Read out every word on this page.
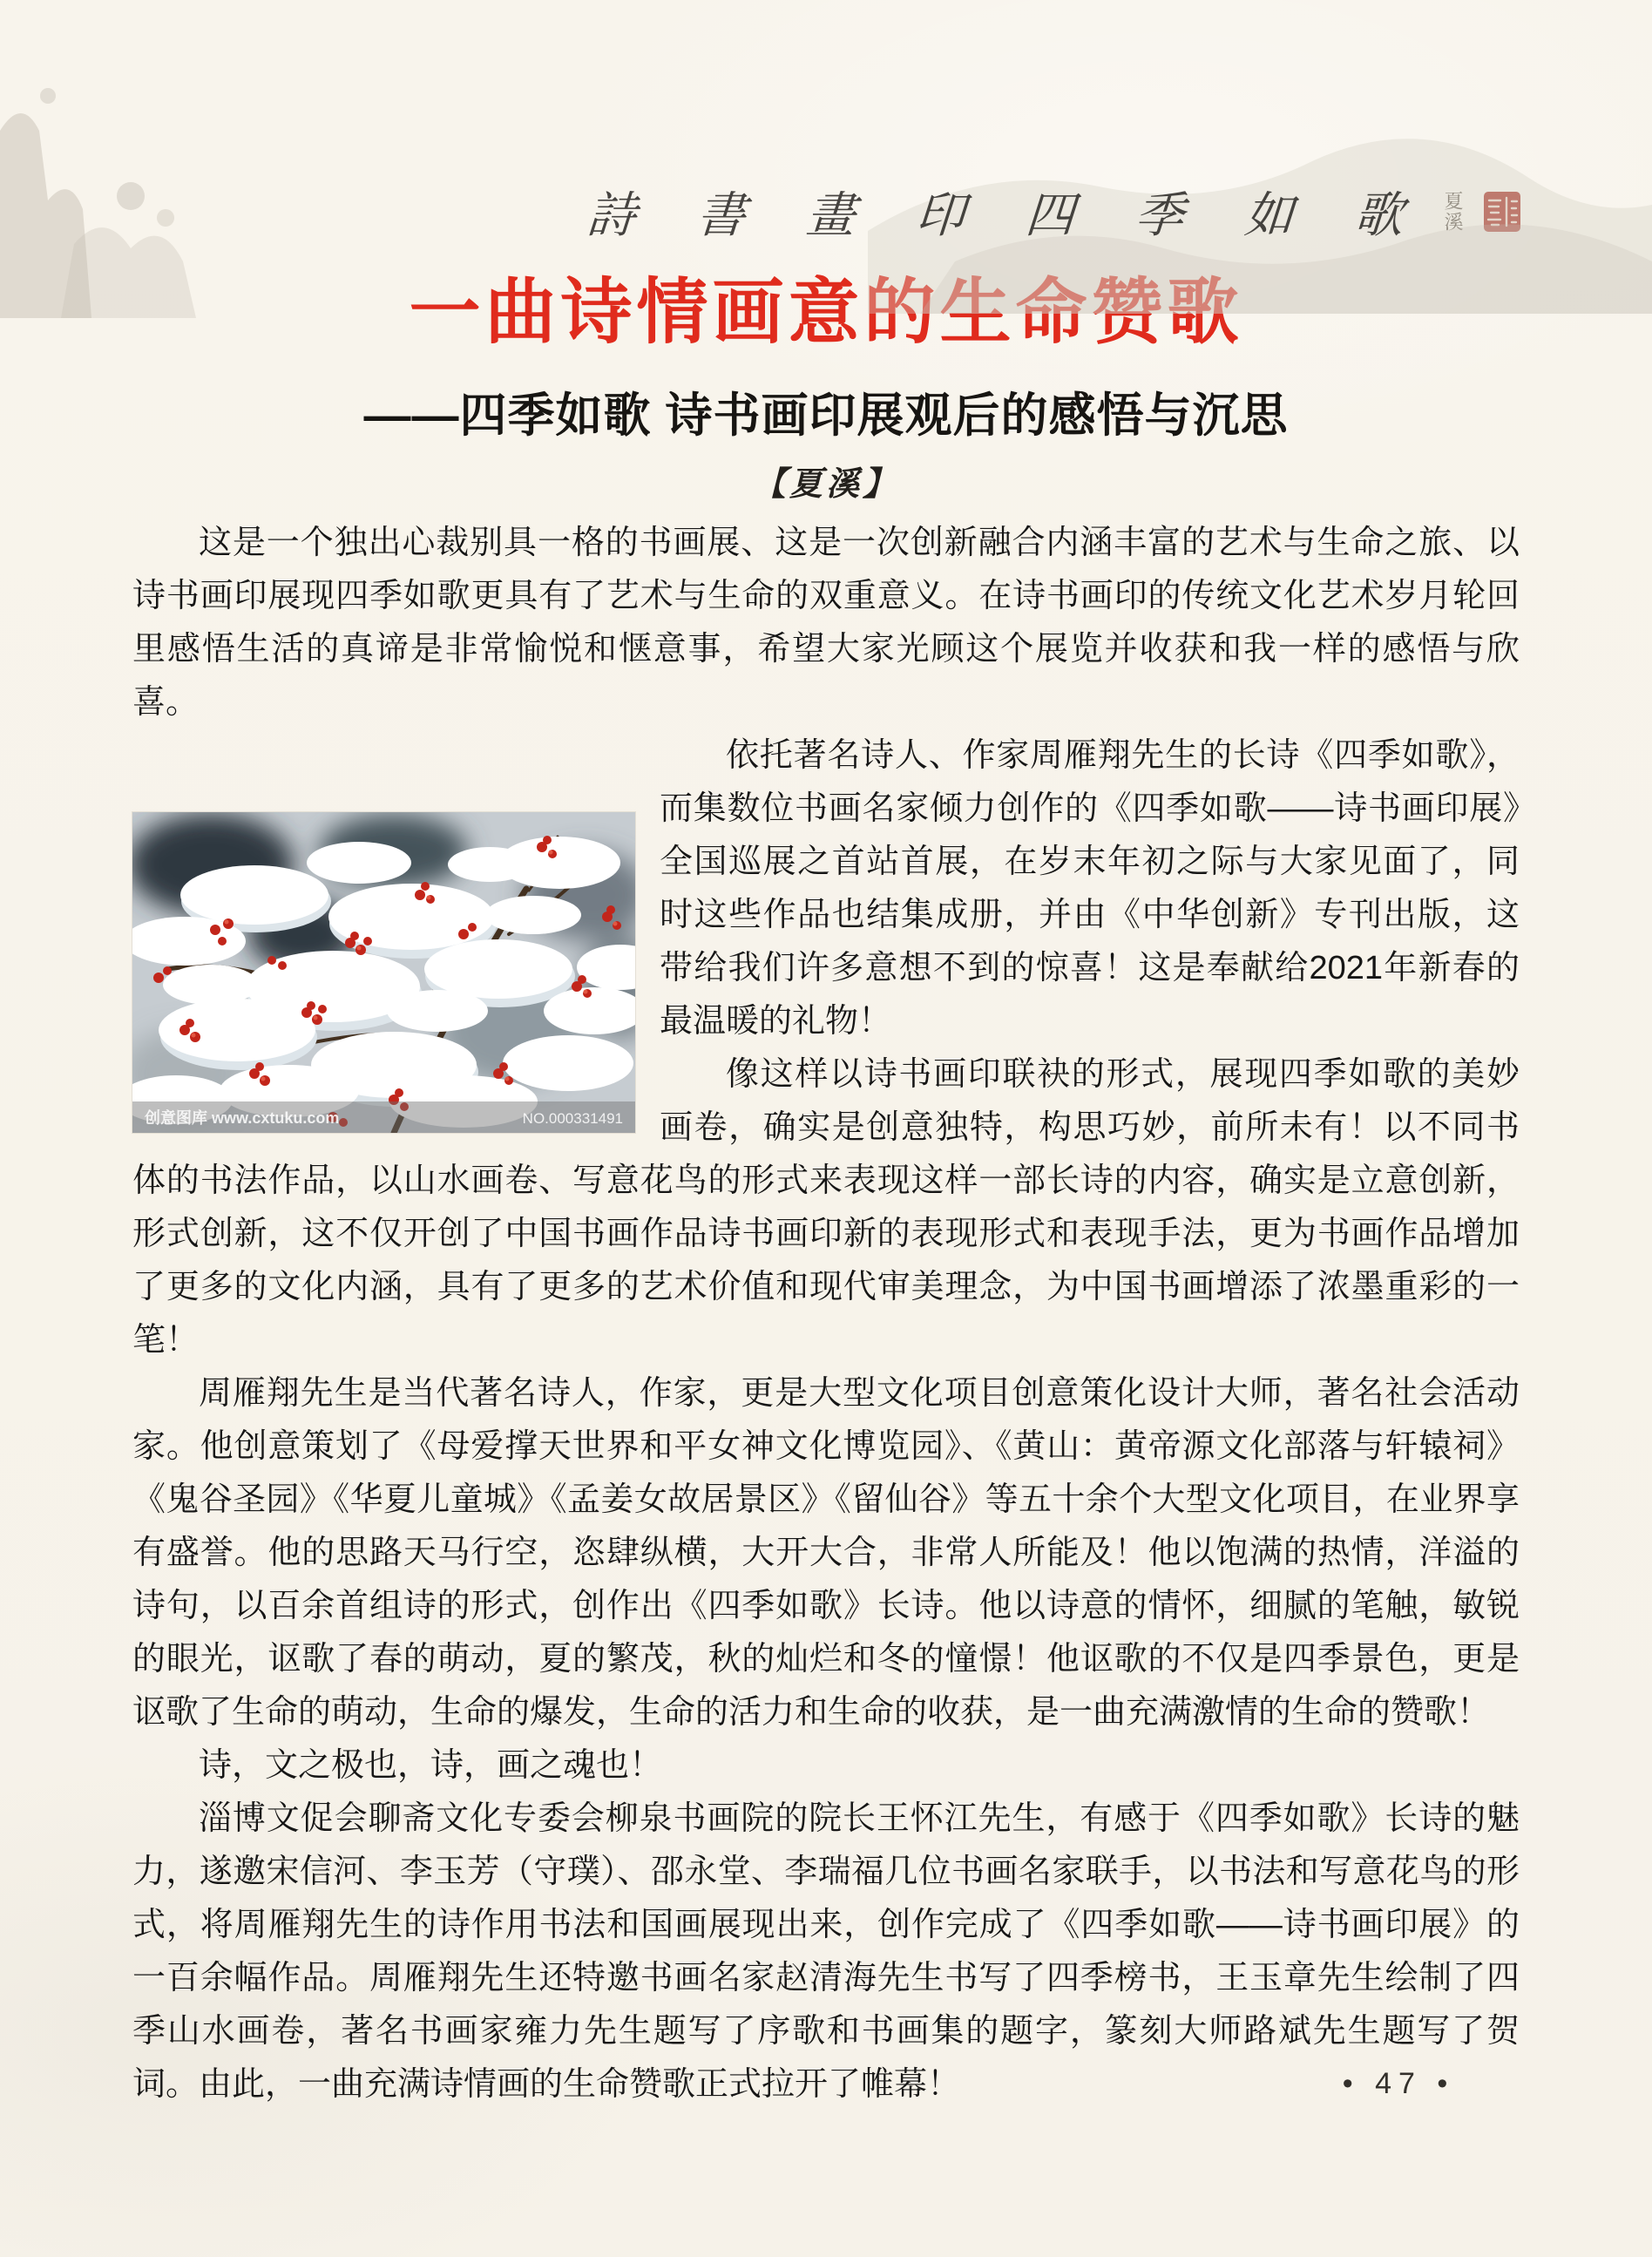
詩 書 畫 印 四 季 如 歌 夏溪
一曲诗情画意的生命赞歌
——四季如歌 诗书画印展观后的感悟与沉思
【夏溪】

这是一个独出心裁别具一格的书画展、这是一次创新融合内涵丰富的艺术与生命之旅、以诗书画印展现四季如歌更具有了艺术与生命的双重意义。在诗书画印的传统文化艺术岁月轮回里感悟生活的真谛是非常愉悦和惬意事，希望大家光顾这个展览并收获和我一样的感悟与欣喜。

创意图库 www.cxtuku.com	NO.000331491

依托著名诗人、作家周雁翔先生的长诗《四季如歌》，而集数位书画名家倾力创作的《四季如歌——诗书画印展》全国巡展之首站首展，在岁末年初之际与大家见面了，同时这些作品也结集成册，并由《中华创新》专刊出版，这带给我们许多意想不到的惊喜！这是奉献给2021年新春的最温暖的礼物！

像这样以诗书画印联袂的形式，展现四季如歌的美妙画卷，确实是创意独特，构思巧妙，前所未有！以不同书体的书法作品，以山水画卷、写意花鸟的形式来表现这样一部长诗的内容，确实是立意创新，形式创新，这不仅开创了中国书画作品诗书画印新的表现形式和表现手法，更为书画作品增加了更多的文化内涵，具有了更多的艺术价值和现代审美理念，为中国书画增添了浓墨重彩的一笔！

周雁翔先生是当代著名诗人，作家，更是大型文化项目创意策化设计大师，著名社会活动家。他创意策划了《母爱撑天世界和平女神文化博览园》、《黄山：黄帝源文化部落与轩辕祠》《鬼谷圣园》《华夏儿童城》《孟姜女故居景区》《留仙谷》等五十余个大型文化项目，在业界享有盛誉。他的思路天马行空，恣肆纵横，大开大合，非常人所能及！他以饱满的热情，洋溢的诗句，以百余首组诗的形式，创作出《四季如歌》长诗。他以诗意的情怀，细腻的笔触，敏锐的眼光，讴歌了春的萌动，夏的繁茂，秋的灿烂和冬的憧憬！他讴歌的不仅是四季景色，更是讴歌了生命的萌动，生命的爆发，生命的活力和生命的收获，是一曲充满激情的生命的赞歌！

诗，文之极也，诗，画之魂也！

淄博文促会聊斋文化专委会柳泉书画院的院长王怀江先生，有感于《四季如歌》长诗的魅力，遂邀宋信河、李玉芳（守璞）、邵永堂、李瑞福几位书画名家联手，以书法和写意花鸟的形式，将周雁翔先生的诗作用书法和国画展现出来，创作完成了《四季如歌——诗书画印展》的一百余幅作品。周雁翔先生还特邀书画名家赵清海先生书写了四季榜书，王玉章先生绘制了四季山水画卷，著名书画家雍力先生题写了序歌和书画集的题字，篆刻大师路斌先生题写了贺词。由此，一曲充满诗情画的生命赞歌正式拉开了帷幕！	• 47 •
